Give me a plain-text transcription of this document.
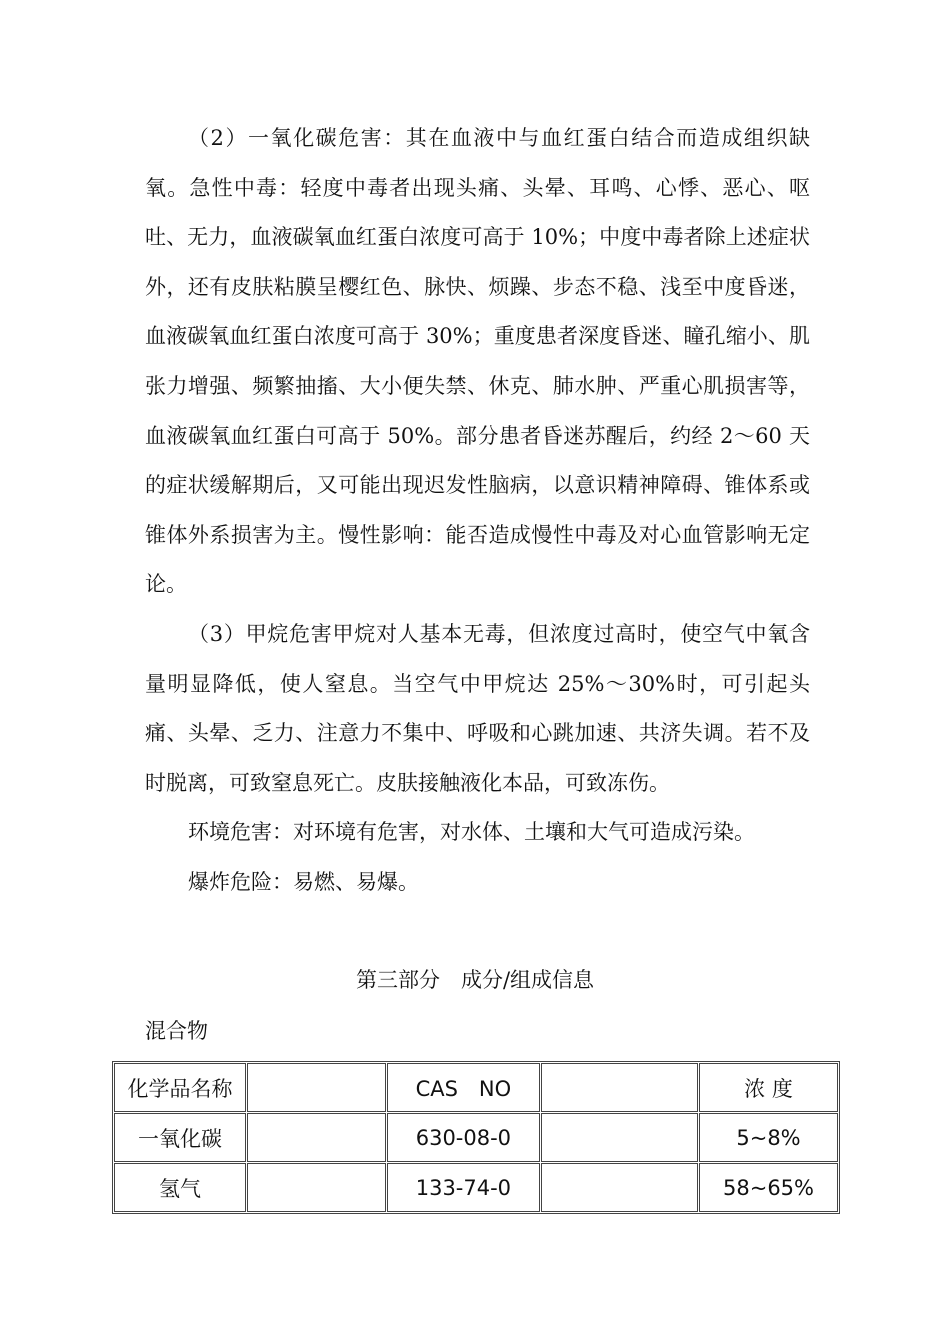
（2）一氧化碳危害：其在血液中与血红蛋白结合而造成组织缺氧。急性中毒：轻度中毒者出现头痛、头晕、耳鸣、心悸、恶心、呕吐、无力，血液碳氧血红蛋白浓度可高于 10%；中度中毒者除上述症状外，还有皮肤粘膜呈樱红色、脉快、烦躁、步态不稳、浅至中度昏迷，血液碳氧血红蛋白浓度可高于 30%；重度患者深度昏迷、瞳孔缩小、肌张力增强、频繁抽搐、大小便失禁、休克、肺水肿、严重心肌损害等，血液碳氧血红蛋白可高于 50%。部分患者昏迷苏醒后，约经 2～60 天的症状缓解期后，又可能出现迟发性脑病，以意识精神障碍、锥体系或锥体外系损害为主。慢性影响：能否造成慢性中毒及对心血管影响无定论。

（3）甲烷危害甲烷对人基本无毒，但浓度过高时，使空气中氧含量明显降低，使人窒息。当空气中甲烷达 25%～30%时，可引起头痛、头晕、乏力、注意力不集中、呼吸和心跳加速、共济失调。若不及时脱离，可致窒息死亡。皮肤接触液化本品，可致冻伤。

环境危害：对环境有危害，对水体、土壤和大气可造成污染。

爆炸危险：易燃、易爆。

第三部分　成分/组成信息
混合物
化学品名称		CAS　NO		浓 度
一氧化碳		630-08-0		5~8%
氢气		133-74-0		58~65%
